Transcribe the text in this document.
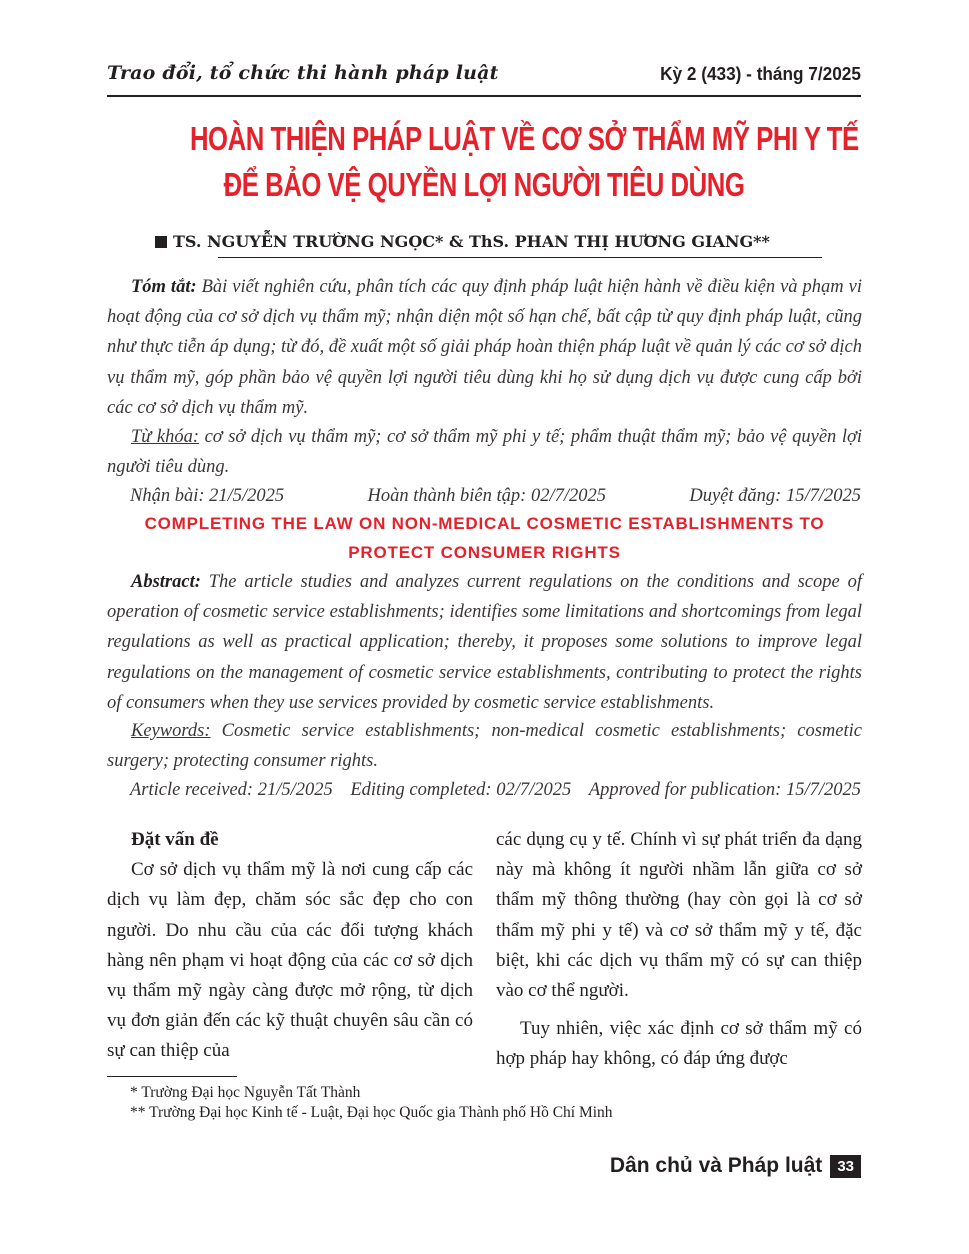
Trao đổi, tổ chức thi hành pháp luật	Kỳ 2 (433) - tháng 7/2025
HOÀN THIỆN PHÁP LUẬT VỀ CƠ SỞ THẨM MỸ PHI Y TẾ
ĐỂ BẢO VỆ QUYỀN LỢI NGƯỜI TIÊU DÙNG
TS. NGUYỄN TRƯỜNG NGỌC* & ThS. PHAN THỊ HƯƠNG GIANG**
Tóm tắt: Bài viết nghiên cứu, phân tích các quy định pháp luật hiện hành về điều kiện và phạm vi hoạt động của cơ sở dịch vụ thẩm mỹ; nhận diện một số hạn chế, bất cập từ quy định pháp luật, cũng như thực tiễn áp dụng; từ đó, đề xuất một số giải pháp hoàn thiện pháp luật về quản lý các cơ sở dịch vụ thẩm mỹ, góp phần bảo vệ quyền lợi người tiêu dùng khi họ sử dụng dịch vụ được cung cấp bởi các cơ sở dịch vụ thẩm mỹ.
Từ khóa: cơ sở dịch vụ thẩm mỹ; cơ sở thẩm mỹ phi y tế; phẩm thuật thẩm mỹ; bảo vệ quyền lợi người tiêu dùng.
Nhận bài: 21/5/2025	Hoàn thành biên tập: 02/7/2025	Duyệt đăng: 15/7/2025
COMPLETING THE LAW ON NON-MEDICAL COSMETIC ESTABLISHMENTS TO
PROTECT CONSUMER RIGHTS
Abstract: The article studies and analyzes current regulations on the conditions and scope of operation of cosmetic service establishments; identifies some limitations and shortcomings from legal regulations as well as practical application; thereby, it proposes some solutions to improve legal regulations on the management of cosmetic service establishments, contributing to protect the rights of consumers when they use services provided by cosmetic service establishments.
Keywords: Cosmetic service establishments; non-medical cosmetic establishments; cosmetic surgery; protecting consumer rights.
Article received: 21/5/2025 Editing completed: 02/7/2025 Approved for publication: 15/7/2025

Đặt vấn đề

Cơ sở dịch vụ thẩm mỹ là nơi cung cấp các dịch vụ làm đẹp, chăm sóc sắc đẹp cho con người. Do nhu cầu của các đối tượng khách hàng nên phạm vi hoạt động của các cơ sở dịch vụ thẩm mỹ ngày càng được mở rộng, từ dịch vụ đơn giản đến các kỹ thuật chuyên sâu cần có sự can thiệp của

các dụng cụ y tế. Chính vì sự phát triển đa dạng này mà không ít người nhầm lẫn giữa cơ sở thẩm mỹ thông thường (hay còn gọi là cơ sở thẩm mỹ phi y tế) và cơ sở thẩm mỹ y tế, đặc biệt, khi các dịch vụ thẩm mỹ có sự can thiệp vào cơ thể người.

Tuy nhiên, việc xác định cơ sở thẩm mỹ có hợp pháp hay không, có đáp ứng được

* Trường Đại học Nguyễn Tất Thành
** Trường Đại học Kinh tế - Luật, Đại học Quốc gia Thành phố Hồ Chí Minh
Dân chủ và Pháp luật	33
